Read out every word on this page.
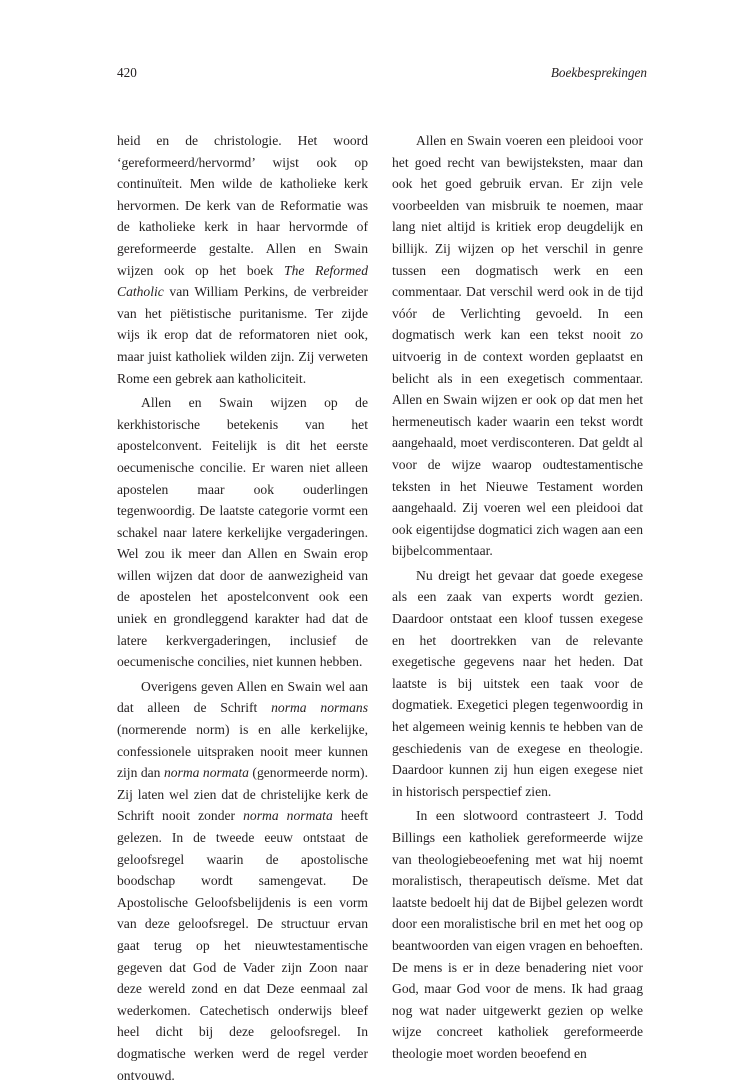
420	Boekbesprekingen

heid en de christologie. Het woord ‘gereformeerd/hervormd’ wijst ook op continuïteit. Men wilde de katholieke kerk hervormen. De kerk van de Reformatie was de katholieke kerk in haar hervormde of gereformeerde gestalte. Allen en Swain wijzen ook op het boek The Reformed Catholic van William Perkins, de verbreider van het piëtistische puritanisme. Ter zijde wijs ik erop dat de reformatoren niet ook, maar juist katholiek wilden zijn. Zij verweten Rome een gebrek aan katholiciteit.

Allen en Swain wijzen op de kerkhistorische betekenis van het apostelconvent. Feitelijk is dit het eerste oecumenische concilie. Er waren niet alleen apostelen maar ook ouderlingen tegenwoordig. De laatste categorie vormt een schakel naar latere kerkelijke vergaderingen. Wel zou ik meer dan Allen en Swain erop willen wijzen dat door de aanwezigheid van de apostelen het apostelconvent ook een uniek en grondleggend karakter had dat de latere kerkvergaderingen, inclusief de oecumenische concilies, niet kunnen hebben.

Overigens geven Allen en Swain wel aan dat alleen de Schrift norma normans (normerende norm) is en alle kerkelijke, confessionele uitspraken nooit meer kunnen zijn dan norma normata (genormeerde norm). Zij laten wel zien dat de christelijke kerk de Schrift nooit zonder norma normata heeft gelezen. In de tweede eeuw ontstaat de geloofsregel waarin de apostolische boodschap wordt samengevat. De Apostolische Geloofsbelijdenis is een vorm van deze geloofsregel. De structuur ervan gaat terug op het nieuwtestamentische gegeven dat God de Vader zijn Zoon naar deze wereld zond en dat Deze eenmaal zal wederkomen. Catechetisch onderwijs bleef heel dicht bij deze geloofsregel. In dogmatische werken werd de regel verder ontvouwd.

Allen en Swain voeren een pleidooi voor het goed recht van bewijsteksten, maar dan ook het goed gebruik ervan. Er zijn vele voorbeelden van misbruik te noemen, maar lang niet altijd is kritiek erop deugdelijk en billijk. Zij wijzen op het verschil in genre tussen een dogmatisch werk en een commentaar. Dat verschil werd ook in de tijd vóór de Verlichting gevoeld. In een dogmatisch werk kan een tekst nooit zo uitvoerig in de context worden geplaatst en belicht als in een exegetisch commentaar. Allen en Swain wijzen er ook op dat men het hermeneutisch kader waarin een tekst wordt aangehaald, moet verdisconteren. Dat geldt al voor de wijze waarop oudtestamentische teksten in het Nieuwe Testament worden aangehaald. Zij voeren wel een pleidooi dat ook eigentijdse dogmatici zich wagen aan een bijbelcommentaar.

Nu dreigt het gevaar dat goede exegese als een zaak van experts wordt gezien. Daardoor ontstaat een kloof tussen exegese en het doortrekken van de relevante exegetische gegevens naar het heden. Dat laatste is bij uitstek een taak voor de dogmatiek. Exegetici plegen tegenwoordig in het algemeen weinig kennis te hebben van de geschiedenis van de exegese en theologie. Daardoor kunnen zij hun eigen exegese niet in historisch perspectief zien.

In een slotwoord contrasteert J. Todd Billings een katholiek gereformeerde wijze van theologiebeoefening met wat hij noemt moralistisch, therapeutisch deïsme. Met dat laatste bedoelt hij dat de Bijbel gelezen wordt door een moralistische bril en met het oog op beantwoorden van eigen vragen en behoeften. De mens is er in deze benadering niet voor God, maar God voor de mens. Ik had graag nog wat nader uitgewerkt gezien op welke wijze concreet katholiek gereformeerde theologie moet worden beoefend en
